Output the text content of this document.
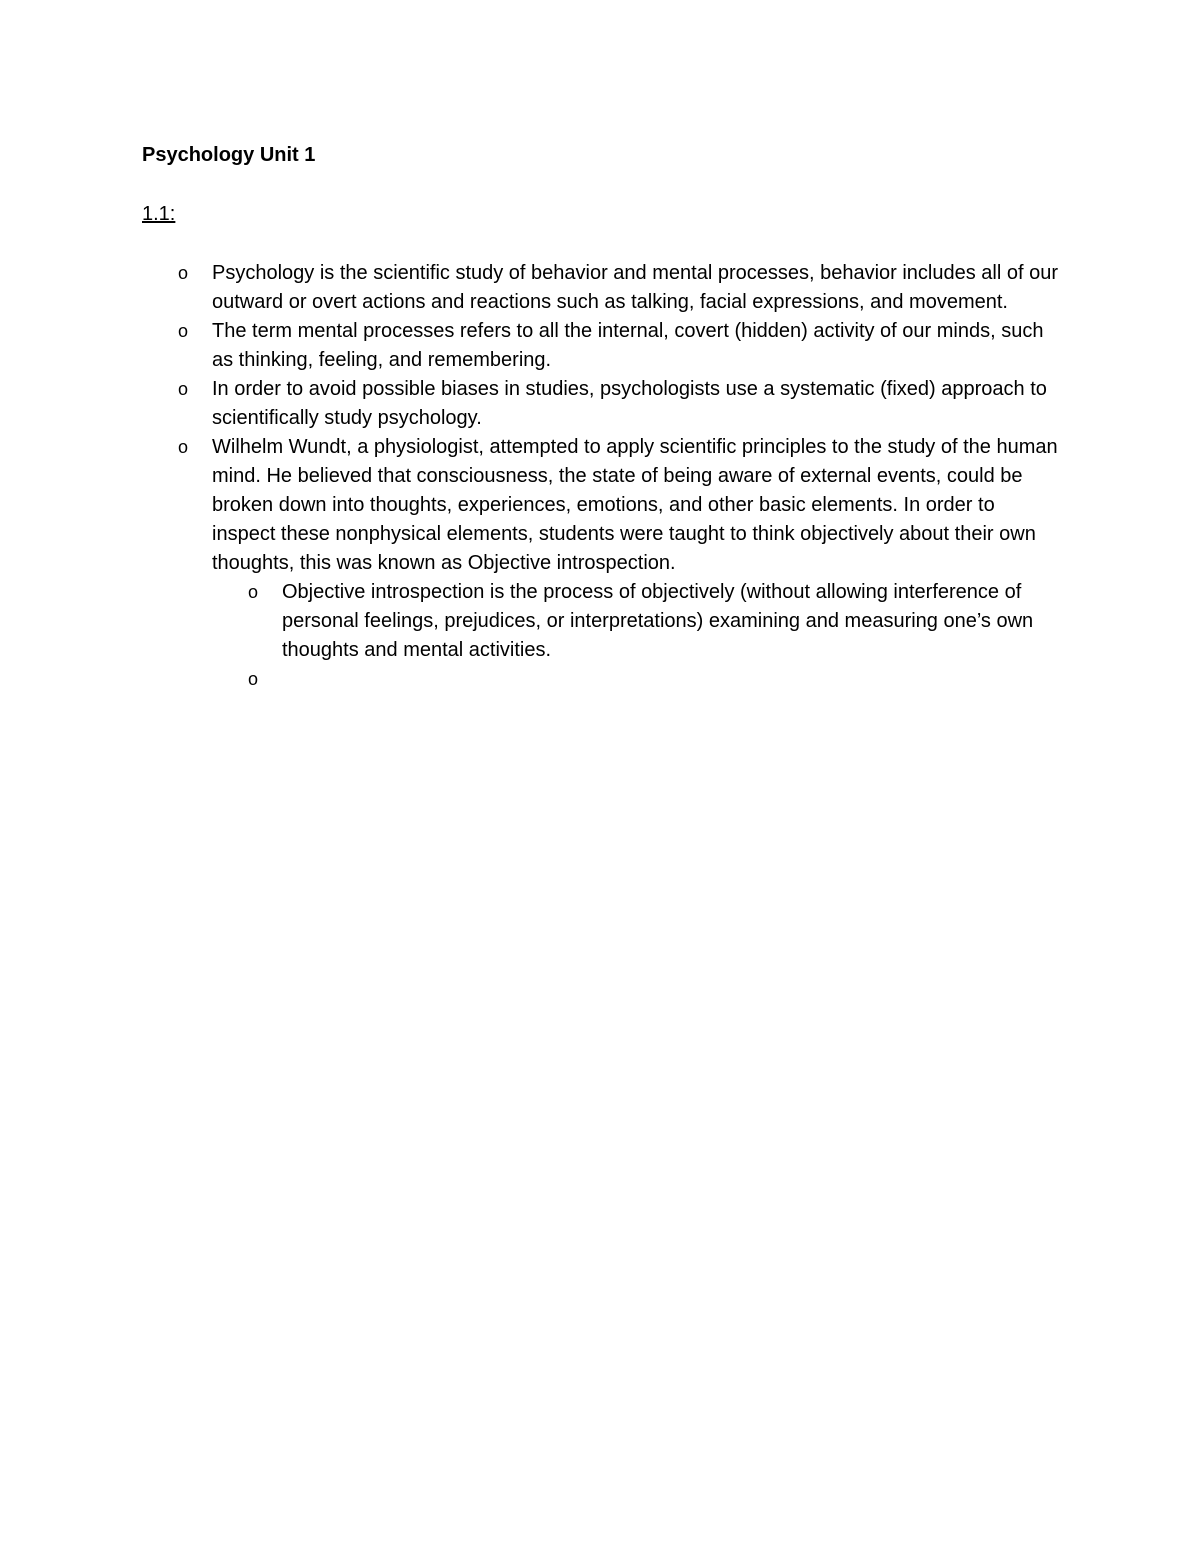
Psychology Unit 1
1.1:
o Psychology is the scientific study of behavior and mental processes, behavior includes all of our outward or overt actions and reactions such as talking, facial expressions, and movement.
o The term mental processes refers to all the internal, covert (hidden) activity of our minds, such as thinking, feeling, and remembering.
o In order to avoid possible biases in studies, psychologists use a systematic (fixed) approach to scientifically study psychology.
o Wilhelm Wundt, a physiologist, attempted to apply scientific principles to the study of the human mind. He believed that consciousness, the state of being aware of external events, could be broken down into thoughts, experiences, emotions, and other basic elements. In order to inspect these nonphysical elements, students were taught to think objectively about their own thoughts, this was known as Objective introspection.
o Objective introspection is the process of objectively (without allowing interference of personal feelings, prejudices, or interpretations) examining and measuring one’s own thoughts and mental activities.
o
